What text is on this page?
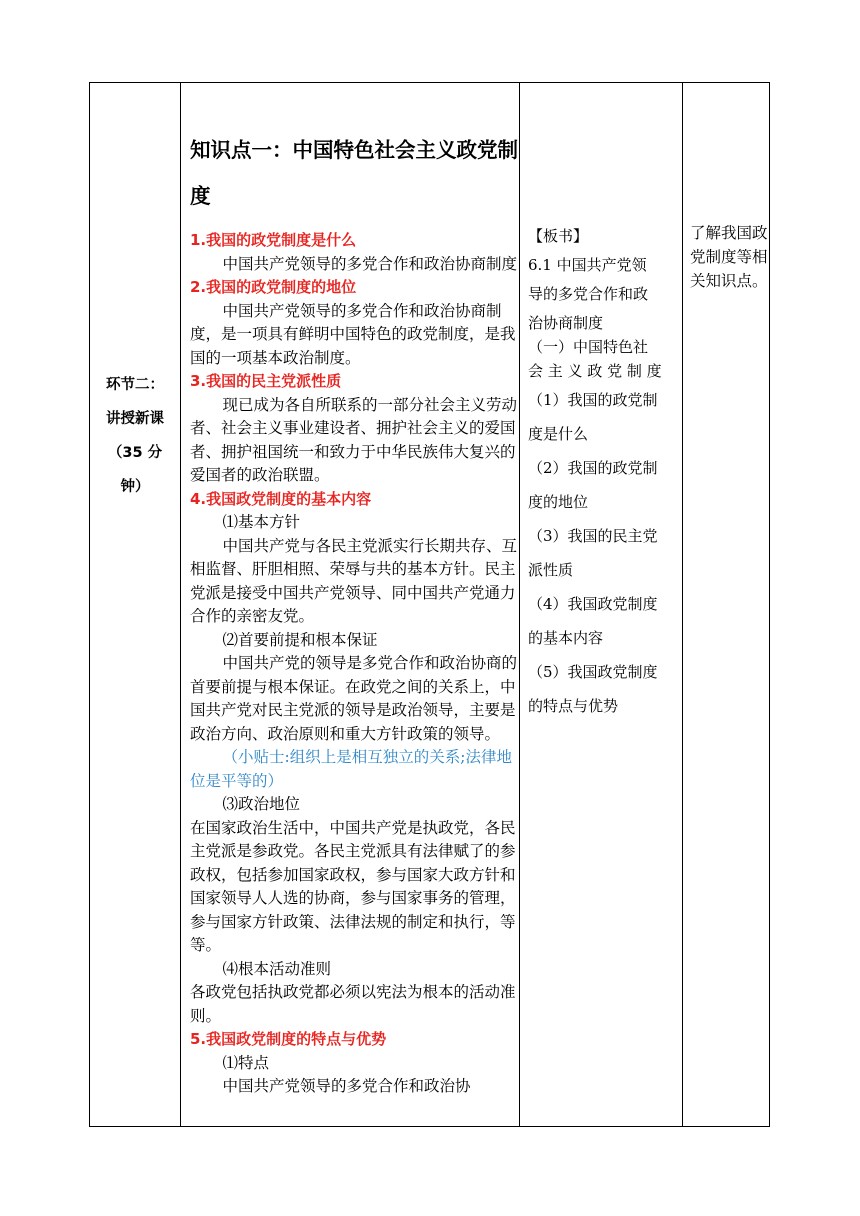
环节二：
讲授新课
（35 分
钟）

知识点一：中国特色社会主义政党制度

1.我国的政党制度是什么

中国共产党领导的多党合作和政治协商制度

2.我国的政党制度的地位

中国共产党领导的多党合作和政治协商制度，是一项具有鲜明中国特色的政党制度，是我国的一项基本政治制度。

3.我国的民主党派性质

现已成为各自所联系的一部分社会主义劳动者、社会主义事业建设者、拥护社会主义的爱国者、拥护祖国统一和致力于中华民族伟大复兴的爱国者的政治联盟。

4.我国政党制度的基本内容

⑴基本方针

中国共产党与各民主党派实行长期共存、互相监督、肝胆相照、荣辱与共的基本方针。民主党派是接受中国共产党领导、同中国共产党通力合作的亲密友党。

⑵首要前提和根本保证

中国共产党的领导是多党合作和政治协商的首要前提与根本保证。在政党之间的关系上，中国共产党对民主党派的领导是政治领导，主要是政治方向、政治原则和重大方针政策的领导。

（小贴士:组织上是相互独立的关系;法律地位是平等的）

⑶政治地位

在国家政治生活中，中国共产党是执政党，各民主党派是参政党。各民主党派具有法律赋了的参政权，包括参加国家政权，参与国家大政方针和国家领导人人选的协商，参与国家事务的管理，参与国家方针政策、法律法规的制定和执行，等等。

⑷根本活动准则

各政党包括执政党都必须以宪法为根本的活动准则。

5.我国政党制度的特点与优势

⑴特点

中国共产党领导的多党合作和政治协

【板书】
6.1 中国共产党领
导的多党合作和政
治协商制度
（一）中国特色社
会 主 义 政 党 制 度
（1）我国的政党制
度是什么
（2）我国的政党制
度的地位
（3）我国的民主党
派性质
（4）我国政党制度
的基本内容
（5）我国政党制度
的特点与优势

了解我国政党制度等相关知识点。
